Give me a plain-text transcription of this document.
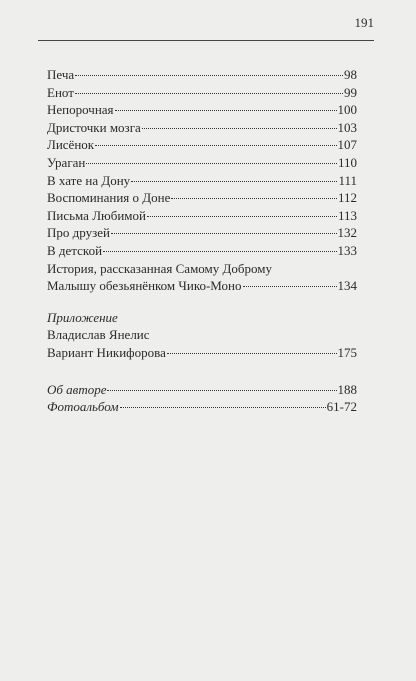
191
Печа	98
Енот	99
Непорочная	100
Дристочки мозга	103
Лисёнок	107
Ураган	110
В хате на Дону	111
Воспоминания о Доне	112
Письма Любимой	113
Про друзей	132
В детской	133
История, рассказанная Самому Доброму
Малышу обезьянёнком Чико-Моно	134
Приложение
Владислав Янелис
Вариант Никифорова	175
Об авторе	188
Фотоальбом	61-72
